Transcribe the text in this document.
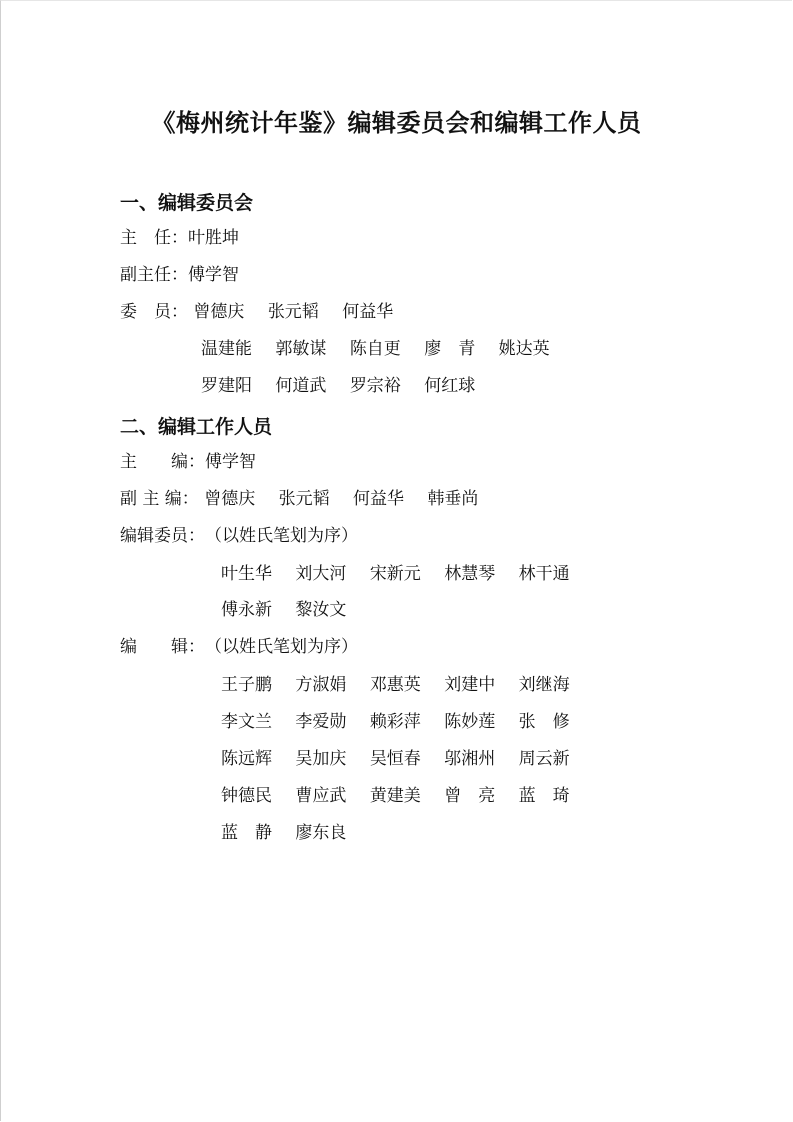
《梅州统计年鉴》编辑委员会和编辑工作人员
一、编辑委员会
主　任：叶胜坤
副主任：傅学智
委　员： 曾德庆 张元韬 何益华
温建能 郭敏谋 陈自更 廖　青 姚达英
罗建阳 何道武 罗宗裕 何红球
二、编辑工作人员
主　　编：傅学智
副 主 编： 曾德庆 张元韬 何益华 韩垂尚
编辑委员：（以姓氏笔划为序）
叶生华 刘大河 宋新元 林慧琴 林干通
傅永新 黎汝文
编　　辑：（以姓氏笔划为序）
王子鹏 方淑娟 邓惠英 刘建中 刘继海
李文兰 李爱勋 赖彩萍 陈妙莲 张　修
陈远辉 吴加庆 吴恒春 邬湘州 周云新
钟德民 曹应武 黄建美 曾　亮 蓝　琦
蓝　静 廖东良
